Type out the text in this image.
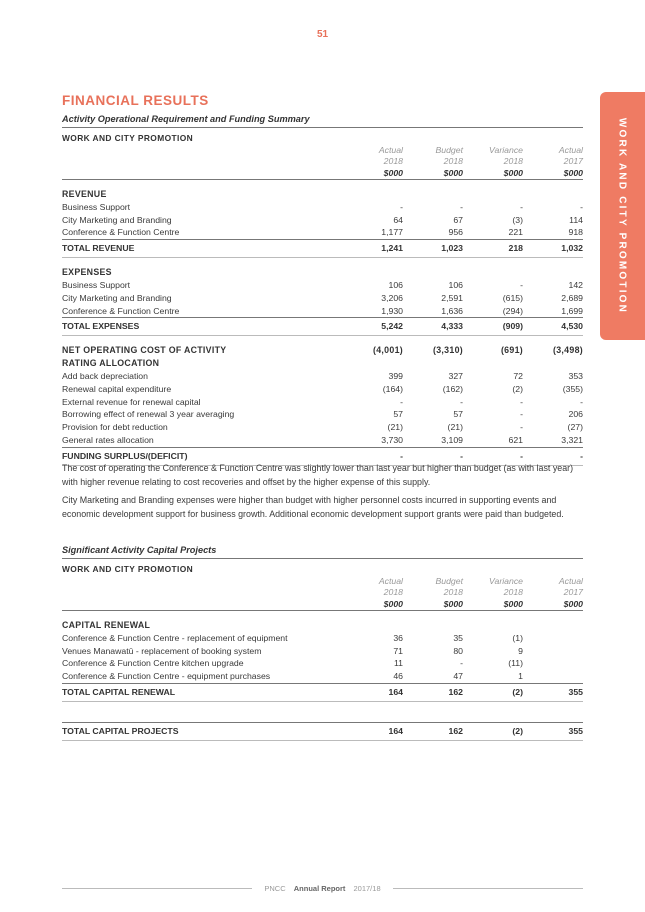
51
WORK AND CITY PROMOTION
FINANCIAL RESULTS
Activity Operational Requirement and Funding Summary
WORK AND CITY PROMOTION				
	Actual	Budget	Variance	Actual
	2018	2018	2018	2017
	$000	$000	$000	$000

REVENUE				
Business Support	-	-	-	-
City Marketing and Branding	64	67	(3)	114
Conference & Function Centre	1,177	956	221	918
TOTAL REVENUE	1,241	1,023	218	1,032

EXPENSES				
Business Support	106	106	-	142
City Marketing and Branding	3,206	2,591	(615)	2,689
Conference & Function Centre	1,930	1,636	(294)	1,699
TOTAL EXPENSES	5,242	4,333	(909)	4,530

NET OPERATING COST OF ACTIVITY	(4,001)	(3,310)	(691)	(3,498)
RATING ALLOCATION				
Add back depreciation	399	327	72	353
Renewal capital expenditure	(164)	(162)	(2)	(355)
External revenue for renewal capital	-	-	-	-
Borrowing effect of renewal 3 year averaging	57	57	-	206
Provision for debt reduction	(21)	(21)	-	(27)
General rates allocation	3,730	3,109	621	3,321
FUNDING SURPLUS/(DEFICIT)	-	-	-	-

The cost of operating the Conference & Function Centre was slightly lower than last year but higher than budget (as with last year) with higher revenue relating to cost recoveries and offset by the higher expense of this supply.

City Marketing and Branding expenses were higher than budget with higher personnel costs incurred in supporting events and economic development support for business growth. Additional economic development support grants were paid than budgeted.

Significant Activity Capital Projects
WORK AND CITY PROMOTION				
	Actual	Budget	Variance	Actual
	2018	2018	2018	2017
	$000	$000	$000	$000

CAPITAL RENEWAL				
Conference & Function Centre - replacement of equipment	36	35	(1)	
Venues Manawatū - replacement of booking system	71	80	9	
Conference & Function Centre kitchen upgrade	11	-	(11)	
Conference & Function Centre - equipment purchases	46	47	1	
TOTAL CAPITAL RENEWAL	164	162	(2)	355

TOTAL CAPITAL PROJECTS	164	162	(2)	355
PNCC Annual Report 2017/18
